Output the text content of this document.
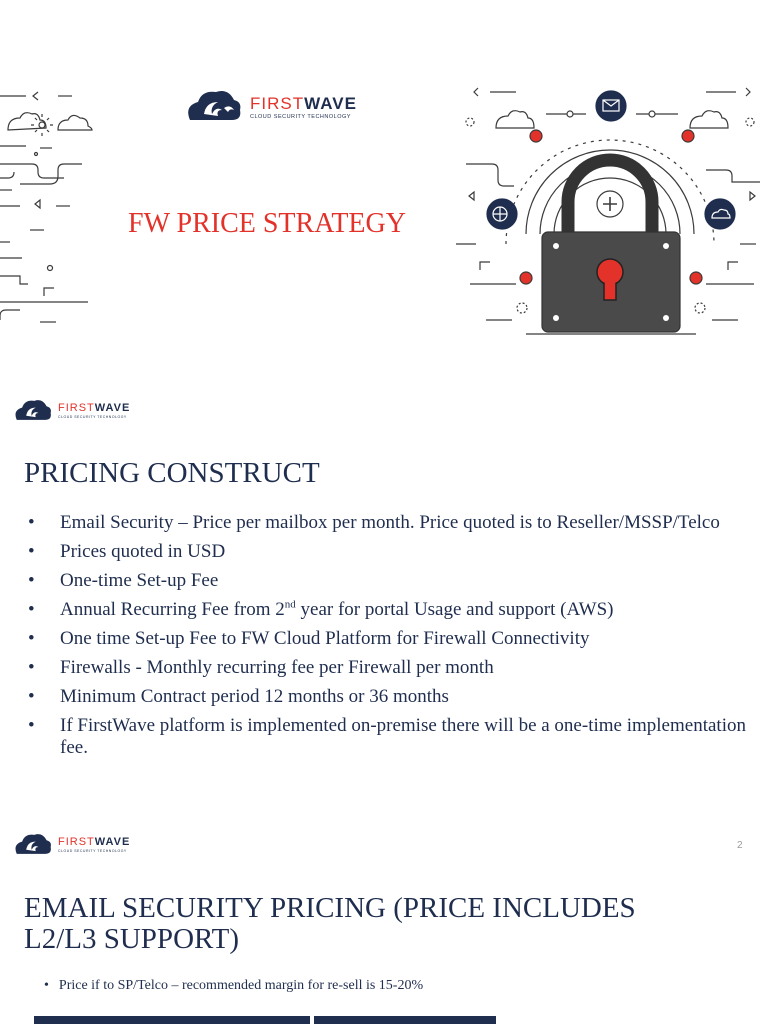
FIRSTWAVE
CLOUD SECURITY TECHNOLOGY
FW PRICE STRATEGY
FIRSTWAVE
CLOUD SECURITY TECHNOLOGY
PRICING CONSTRUCT
• Email Security – Price per mailbox per month. Price quoted is to Reseller/MSSP/Telco
• Prices quoted in USD
• One-time Set-up Fee
• Annual Recurring Fee from 2nd year for portal Usage and support (AWS)
• One time Set-up Fee to FW Cloud Platform for Firewall Connectivity
• Firewalls - Monthly recurring fee per Firewall per month
• Minimum Contract period 12 months or 36 months
• If FirstWave platform is implemented on-premise there will be a one-time implementation fee.
FIRSTWAVE
CLOUD SECURITY TECHNOLOGY	2
EMAIL SECURITY PRICING (PRICE INCLUDES
L2/L3 SUPPORT)
• Price if to SP/Telco – recommended margin for re-sell is 15-20%
